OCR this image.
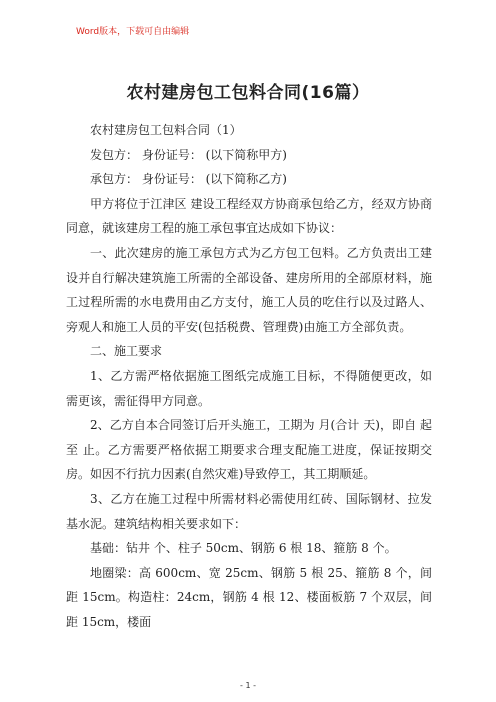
Word版本，下载可自由编辑
农村建房包工包料合同(16篇）

农村建房包工包料合同（1）

发包方： 身份证号： (以下简称甲方)

承包方： 身份证号： (以下简称乙方)

甲方将位于江津区 建设工程经双方协商承包给乙方，经双方协商同意，就该建房工程的施工承包事宜达成如下协议：

一、此次建房的施工承包方式为乙方包工包料。乙方负责出工建设并自行解决建筑施工所需的全部设备、建房所用的全部原材料，施工过程所需的水电费用由乙方支付，施工人员的吃住行以及过路人、旁观人和施工人员的平安(包括税费、管理费)由施工方全部负责。

二、施工要求

1、乙方需严格依据施工图纸完成施工目标，不得随便更改，如需更该，需征得甲方同意。

2、乙方自本合同签订后开头施工，工期为 月(合计 天)，即自 起至 止。乙方需要严格依据工期要求合理支配施工进度，保证按期交房。如因不行抗力因素(自然灾难)导致停工，其工期顺延。

3、乙方在施工过程中所需材料必需使用红砖、国际钢材、拉发基水泥。建筑结构相关要求如下：

基础：钻井 个、柱子 50cm、钢筋 6 根 18、箍筋 8 个。

地圈梁：高 600cm、宽 25cm、钢筋 5 根 25、箍筋 8 个，间距 15cm。构造柱：24cm，钢筋 4 根 12、楼面板筋 7 个双层，间距 15cm，楼面

- 1 -
